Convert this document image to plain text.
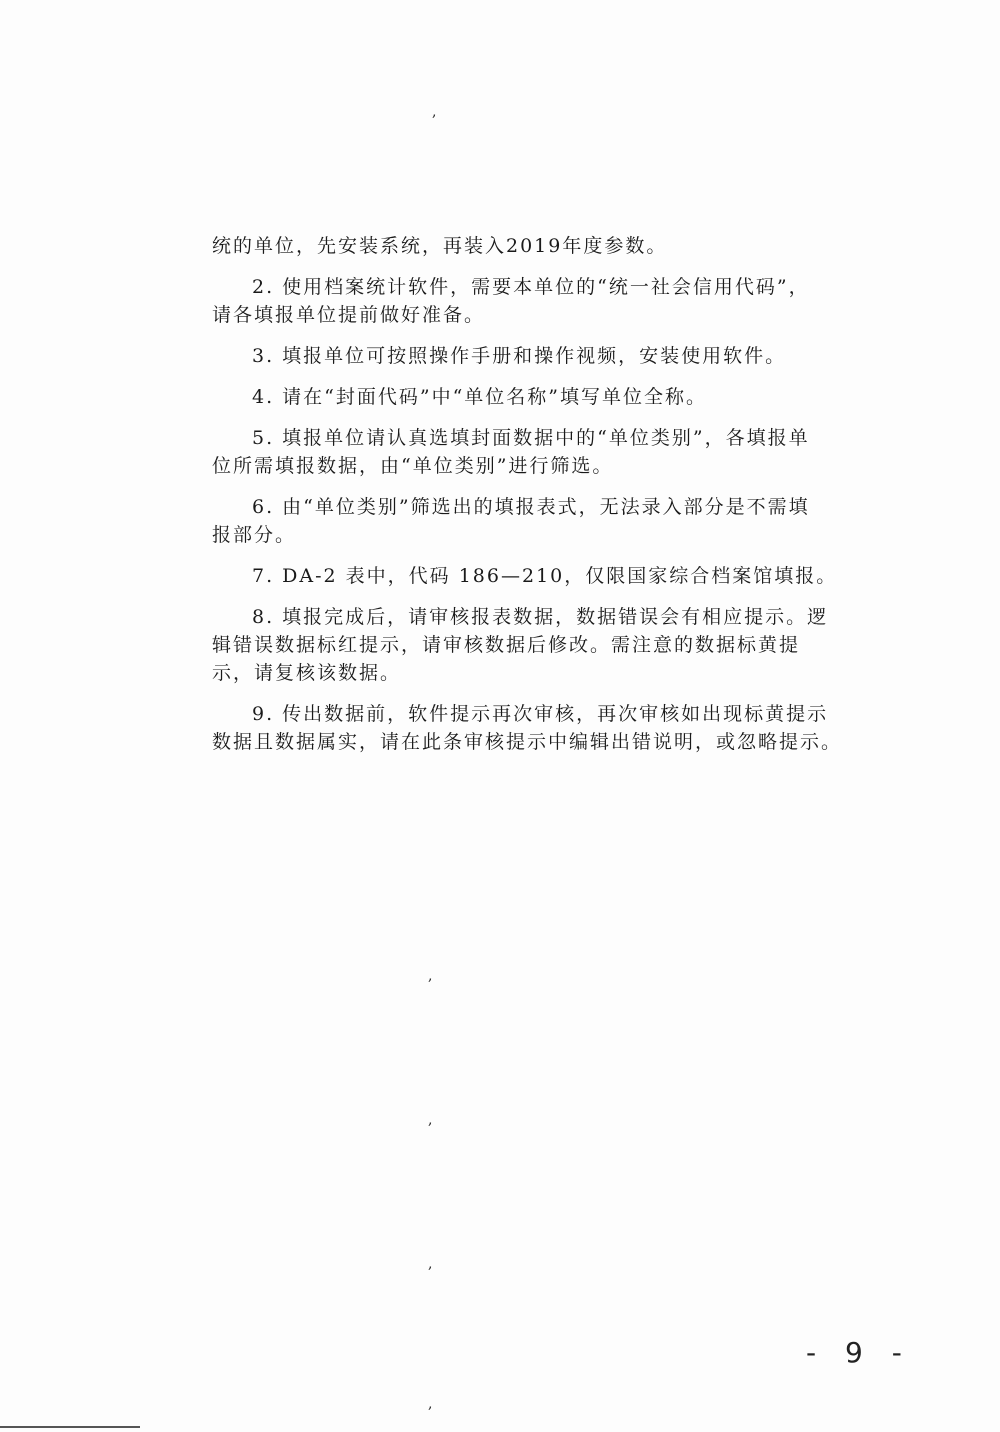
,
统的单位，先安装系统，再装入2019年度参数。
2. 使用档案统计软件，需要本单位的“统一社会信用代码”，
请各填报单位提前做好准备。
3. 填报单位可按照操作手册和操作视频，安装使用软件。
4. 请在“封面代码”中“单位名称”填写单位全称。
5. 填报单位请认真选填封面数据中的“单位类别”，各填报单
位所需填报数据，由“单位类别”进行筛选。
6. 由“单位类别”筛选出的填报表式，无法录入部分是不需填
报部分。
7. DA-2 表中，代码 186—210，仅限国家综合档案馆填报。
8. 填报完成后，请审核报表数据，数据错误会有相应提示。逻
辑错误数据标红提示，请审核数据后修改。需注意的数据标黄提
示，请复核该数据。
9. 传出数据前，软件提示再次审核，再次审核如出现标黄提示
数据且数据属实，请在此条审核提示中编辑出错说明，或忽略提示。
,
,
,
,
- 9 -
